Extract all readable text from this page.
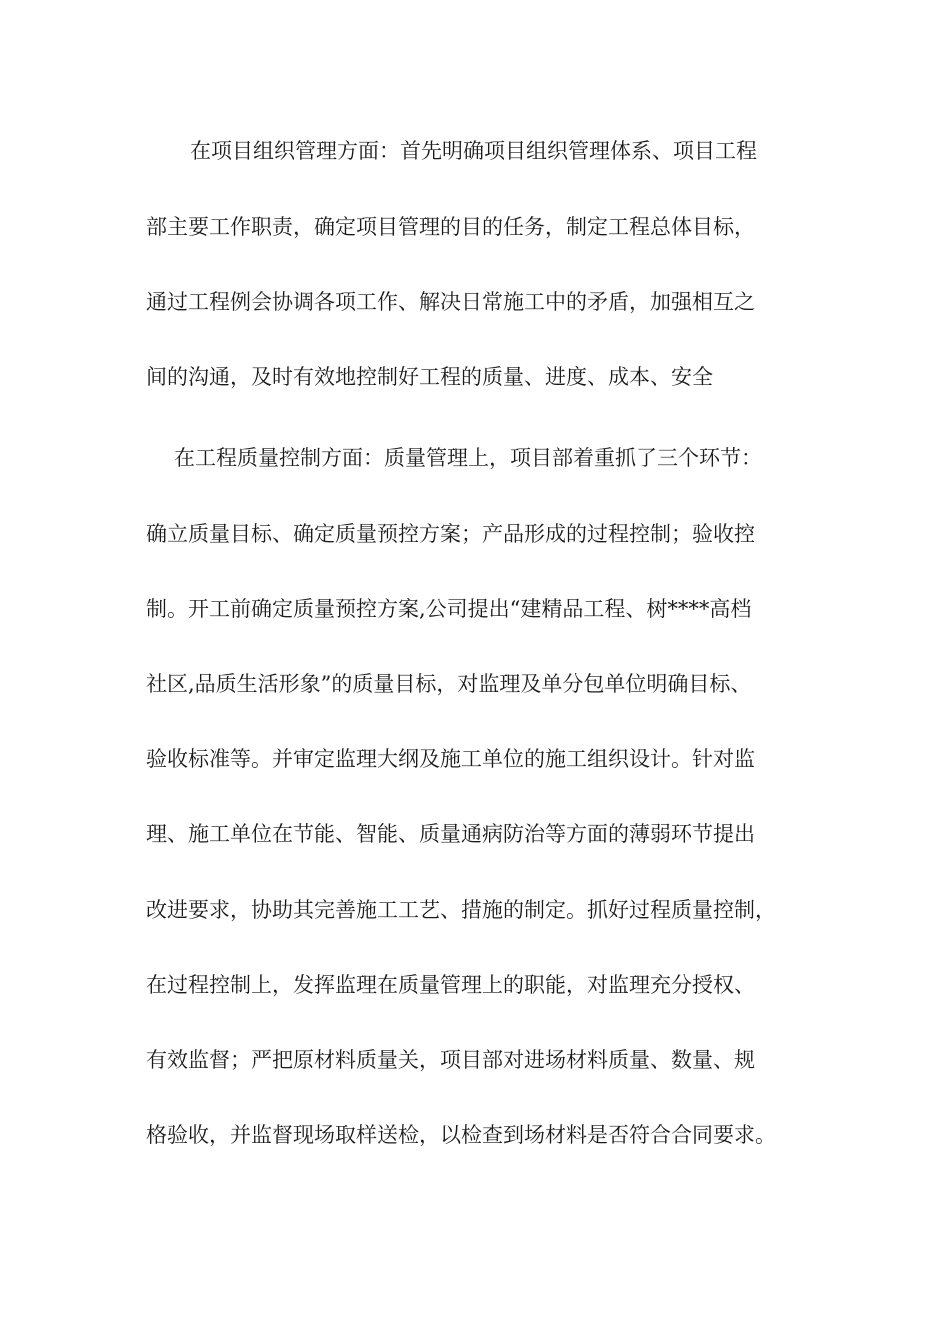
在项目组织管理方面：首先明确项目组织管理体系、项目工程
部主要工作职责，确定项目管理的目的任务，制定工程总体目标，
通过工程例会协调各项工作、解决日常施工中的矛盾，加强相互之
间的沟通，及时有效地控制好工程的质量、进度、成本、安全
在工程质量控制方面：质量管理上，项目部着重抓了三个环节：
确立质量目标、确定质量预控方案；产品形成的过程控制；验收控
制。开工前确定质量预控方案,公司提出“建精品工程、树****高档
社区,品质生活形象”的质量目标，对监理及单分包单位明确目标、
验收标准等。并审定监理大纲及施工单位的施工组织设计。针对监
理、施工单位在节能、智能、质量通病防治等方面的薄弱环节提出
改进要求，协助其完善施工工艺、措施的制定。抓好过程质量控制，
在过程控制上，发挥监理在质量管理上的职能，对监理充分授权、
有效监督；严把原材料质量关，项目部对进场材料质量、数量、规
格验收，并监督现场取样送检，以检查到场材料是否符合合同要求。
